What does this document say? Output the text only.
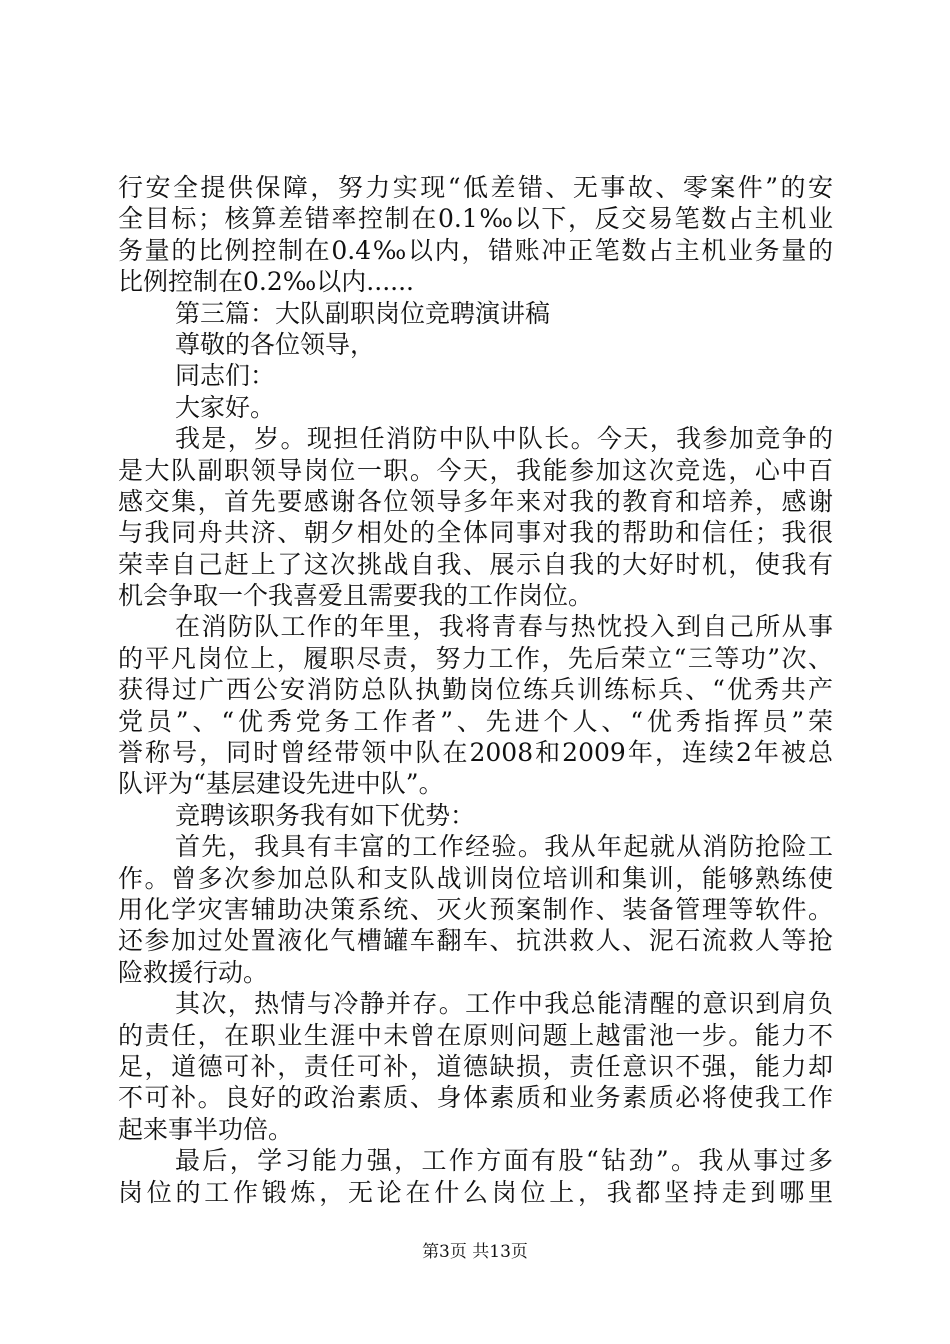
行安全提供保障，努力实现“低差错、无事故、零案件”的安
全目标；核算差错率控制在0.1‰以下，反交易笔数占主机业
务量的比例控制在0.4‰以内，错账冲正笔数占主机业务量的
比例控制在0.2‰以内......
第三篇：大队副职岗位竞聘演讲稿
尊敬的各位领导，
同志们：
大家好。
我是，岁。现担任消防中队中队长。今天，我参加竞争的
是大队副职领导岗位一职。今天，我能参加这次竞选，心中百
感交集，首先要感谢各位领导多年来对我的教育和培养，感谢
与我同舟共济、朝夕相处的全体同事对我的帮助和信任；我很
荣幸自己赶上了这次挑战自我、展示自我的大好时机，使我有
机会争取一个我喜爱且需要我的工作岗位。
在消防队工作的年里，我将青春与热忱投入到自己所从事
的平凡岗位上，履职尽责，努力工作，先后荣立“三等功”次、
获得过广西公安消防总队执勤岗位练兵训练标兵、“优秀共产
党员”、“优秀党务工作者”、先进个人、“优秀指挥员”荣
誉称号，同时曾经带领中队在2008和2009年，连续2年被总
队评为“基层建设先进中队”。
竞聘该职务我有如下优势：
首先，我具有丰富的工作经验。我从年起就从消防抢险工
作。曾多次参加总队和支队战训岗位培训和集训，能够熟练使
用化学灾害辅助决策系统、灭火预案制作、装备管理等软件。
还参加过处置液化气槽罐车翻车、抗洪救人、泥石流救人等抢
险救援行动。
其次，热情与冷静并存。工作中我总能清醒的意识到肩负
的责任，在职业生涯中未曾在原则问题上越雷池一步。能力不
足，道德可补，责任可补，道德缺损，责任意识不强，能力却
不可补。良好的政治素质、身体素质和业务素质必将使我工作
起来事半功倍。
最后，学习能力强，工作方面有股“钻劲”。我从事过多
岗位的工作锻炼，无论在什么岗位上，我都坚持走到哪里
第3页 共13页
